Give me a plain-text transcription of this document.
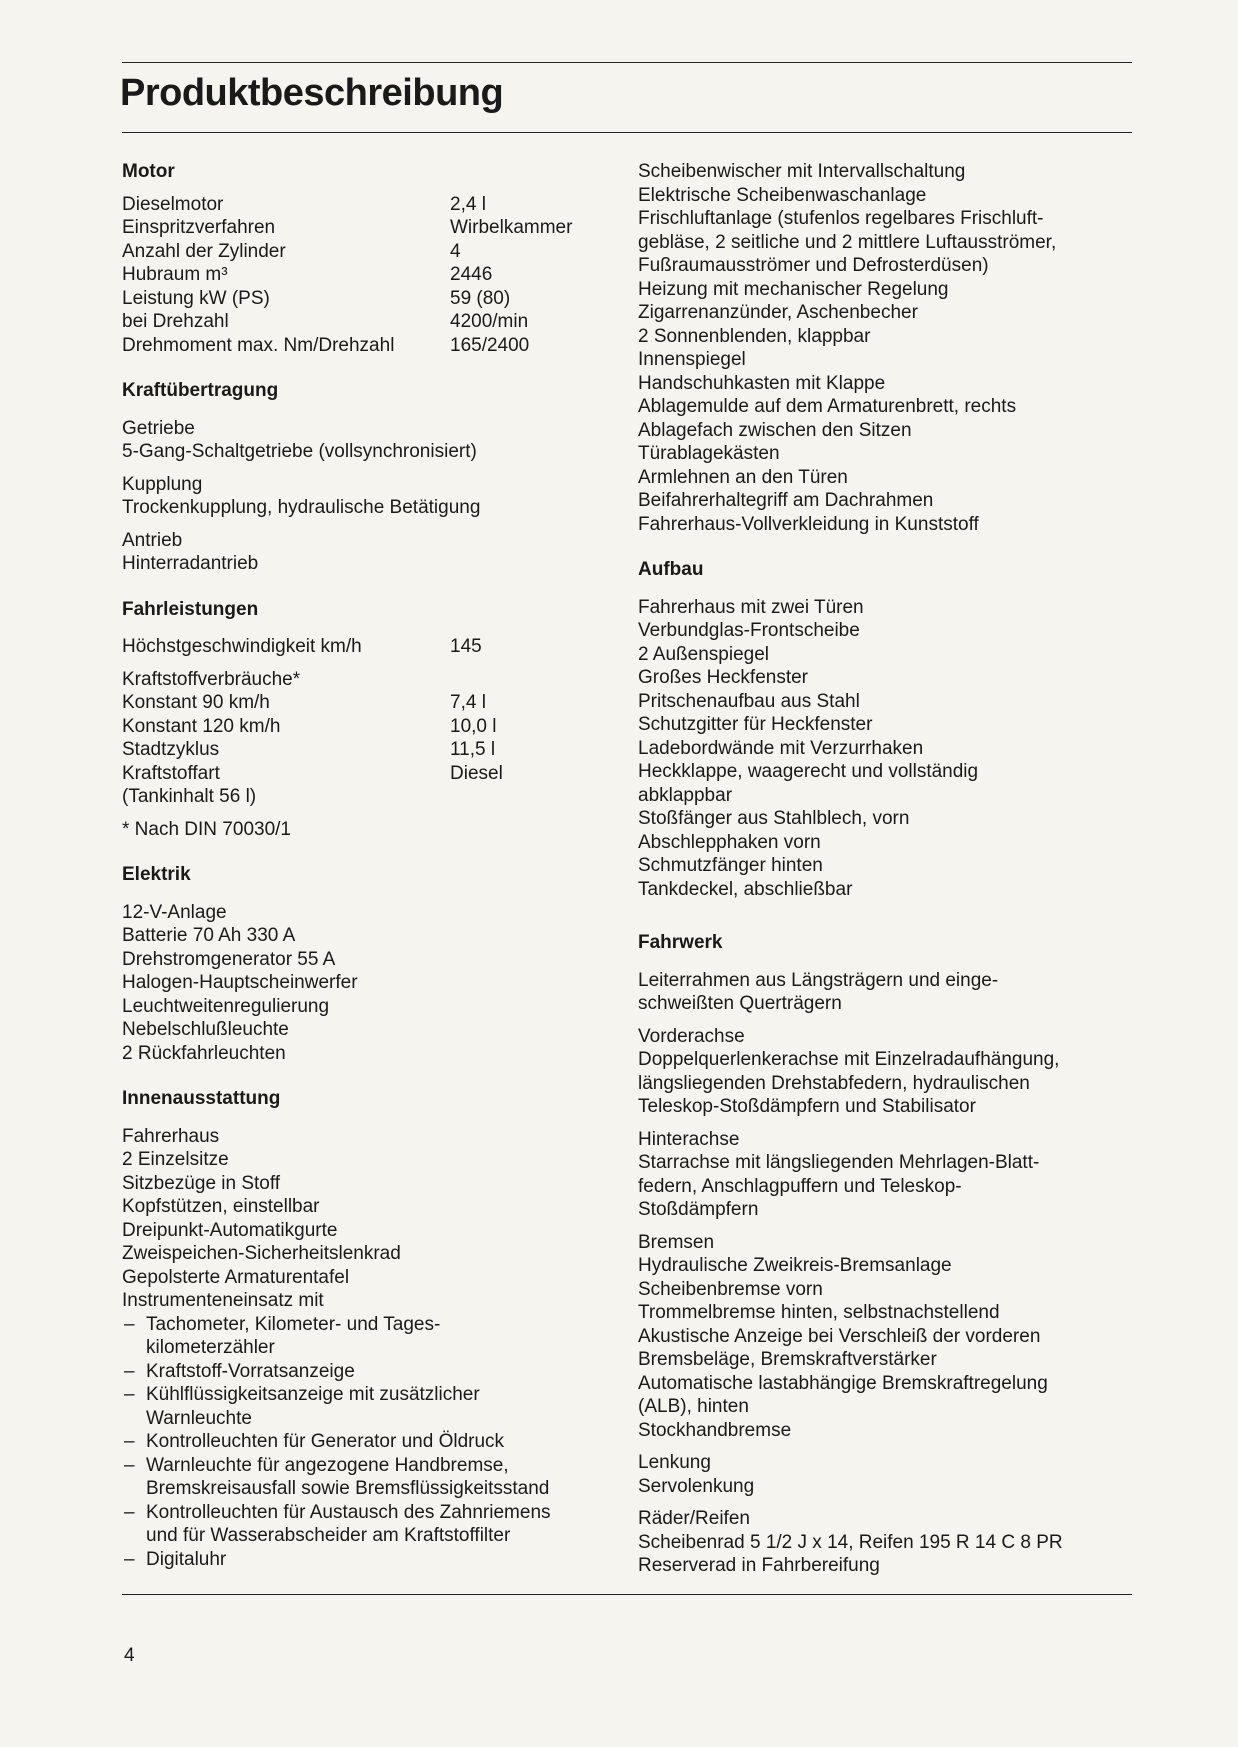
Produktbeschreibung
Motor
Dieselmotor	2,4 l
Einspritzverfahren	Wirbelkammer
Anzahl der Zylinder	4
Hubraum m³	2446
Leistung kW (PS)	59 (80)
bei Drehzahl	4200/min
Drehmoment max. Nm/Drehzahl	165/2400
Kraftübertragung
Getriebe
5-Gang-Schaltgetriebe (vollsynchronisiert)
Kupplung
Trockenkupplung, hydraulische Betätigung
Antrieb
Hinterradantrieb
Fahrleistungen
Höchstgeschwindigkeit km/h	145
Kraftstoffverbräuche*
Konstant 90 km/h	7,4 l
Konstant 120 km/h	10,0 l
Stadtzyklus	11,5 l
Kraftstoffart	Diesel
(Tankinhalt 56 l)
* Nach DIN 70030/1
Elektrik
12-V-Anlage
Batterie 70 Ah 330 A
Drehstromgenerator 55 A
Halogen-Hauptscheinwerfer
Leuchtweitenregulierung
Nebelschlußleuchte
2 Rückfahrleuchten
Innenausstattung
Fahrerhaus
2 Einzelsitze
Sitzbezüge in Stoff
Kopfstützen, einstellbar
Dreipunkt-Automatikgurte
Zweispeichen-Sicherheitslenkrad
Gepolsterte Armaturentafel
Instrumenteneinsatz mit
– Tachometer, Kilometer- und Tages-
kilometerzähler
– Kraftstoff-Vorratsanzeige
– Kühlflüssigkeitsanzeige mit zusätzlicher
Warnleuchte
– Kontrolleuchten für Generator und Öldruck
– Warnleuchte für angezogene Handbremse,
Bremskreisausfall sowie Bremsflüssigkeitsstand
– Kontrolleuchten für Austausch des Zahnriemens
und für Wasserabscheider am Kraftstoffilter
– Digitaluhr
Scheibenwischer mit Intervallschaltung
Elektrische Scheibenwaschanlage
Frischluftanlage (stufenlos regelbares Frischluft-
gebläse, 2 seitliche und 2 mittlere Luftausströmer,
Fußraumausströmer und Defrosterdüsen)
Heizung mit mechanischer Regelung
Zigarrenanzünder, Aschenbecher
2 Sonnenblenden, klappbar
Innenspiegel
Handschuhkasten mit Klappe
Ablagemulde auf dem Armaturenbrett, rechts
Ablagefach zwischen den Sitzen
Türablagekästen
Armlehnen an den Türen
Beifahrerhaltegriff am Dachrahmen
Fahrerhaus-Vollverkleidung in Kunststoff
Aufbau
Fahrerhaus mit zwei Türen
Verbundglas-Frontscheibe
2 Außenspiegel
Großes Heckfenster
Pritschenaufbau aus Stahl
Schutzgitter für Heckfenster
Ladebordwände mit Verzurrhaken
Heckklappe, waagerecht und vollständig
abklappbar
Stoßfänger aus Stahlblech, vorn
Abschlepphaken vorn
Schmutzfänger hinten
Tankdeckel, abschließbar
Fahrwerk
Leiterrahmen aus Längsträgern und einge-
schweißten Querträgern
Vorderachse
Doppelquerlenkerachse mit Einzelradaufhängung,
längsliegenden Drehstabfedern, hydraulischen
Teleskop-Stoßdämpfern und Stabilisator
Hinterachse
Starrachse mit längsliegenden Mehrlagen-Blatt-
federn, Anschlagpuffern und Teleskop-
Stoßdämpfern
Bremsen
Hydraulische Zweikreis-Bremsanlage
Scheibenbremse vorn
Trommelbremse hinten, selbstnachstellend
Akustische Anzeige bei Verschleiß der vorderen
Bremsbeläge, Bremskraftverstärker
Automatische lastabhängige Bremskraftregelung
(ALB), hinten
Stockhandbremse
Lenkung
Servolenkung
Räder/Reifen
Scheibenrad 5 1/2 J x 14, Reifen 195 R 14 C 8 PR
Reserverad in Fahrbereifung
4
